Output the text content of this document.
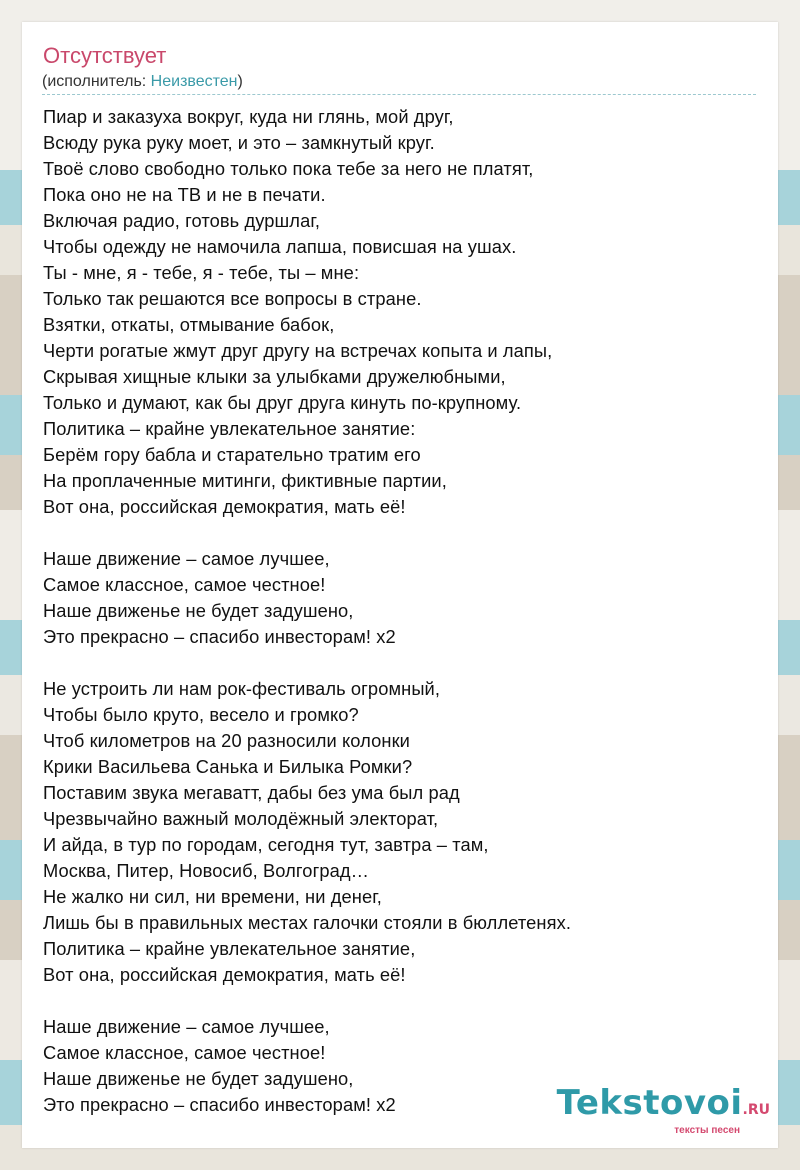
Отсутствует
(исполнитель: Неизвестен)
Пиар и заказуха вокруг, куда ни глянь, мой друг,
Всюду рука руку моет, и это – замкнутый круг.
Твоё слово свободно только пока тебе за него не платят,
Пока оно не на ТВ и не в печати.
Включая радио, готовь дуршлаг,
Чтобы одежду не намочила лапша, повисшая на ушах.
Ты - мне, я - тебе, я - тебе, ты – мне:
Только так решаются все вопросы в стране.
Взятки, откаты, отмывание бабок,
Черти рогатые жмут друг другу на встречах копыта и лапы,
Скрывая хищные клыки за улыбками дружелюбными,
Только и думают, как бы друг друга кинуть по-крупному.
Политика – крайне увлекательное занятие:
Берём гору бабла и старательно тратим его
На проплаченные митинги, фиктивные партии,
Вот она, российская демократия, мать её!
Наше движение – самое лучшее,
Самое классное, самое честное!
Наше движенье не будет задушено,
Это прекрасно – спасибо инвесторам! x2
Не устроить ли нам рок-фестиваль огромный,
Чтобы было круто, весело и громко?
Чтоб километров на 20 разносили колонки
Крики Васильева Санька и Билыка Ромки?
Поставим звука мегаватт, дабы без ума был рад
Чрезвычайно важный молодёжный электорат,
И айда, в тур по городам, сегодня тут, завтра – там,
Москва, Питер, Новосиб, Волгоград…
Не жалко ни сил, ни времени, ни денег,
Лишь бы в правильных местах галочки стояли в бюллетенях.
Политика – крайне увлекательное занятие,
Вот она, российская демократия, мать её!
Наше движение – самое лучшее,
Самое классное, самое честное!
Наше движенье не будет задушено,
Это прекрасно – спасибо инвесторам! x2	Tekstovoi.RU
тексты песен
